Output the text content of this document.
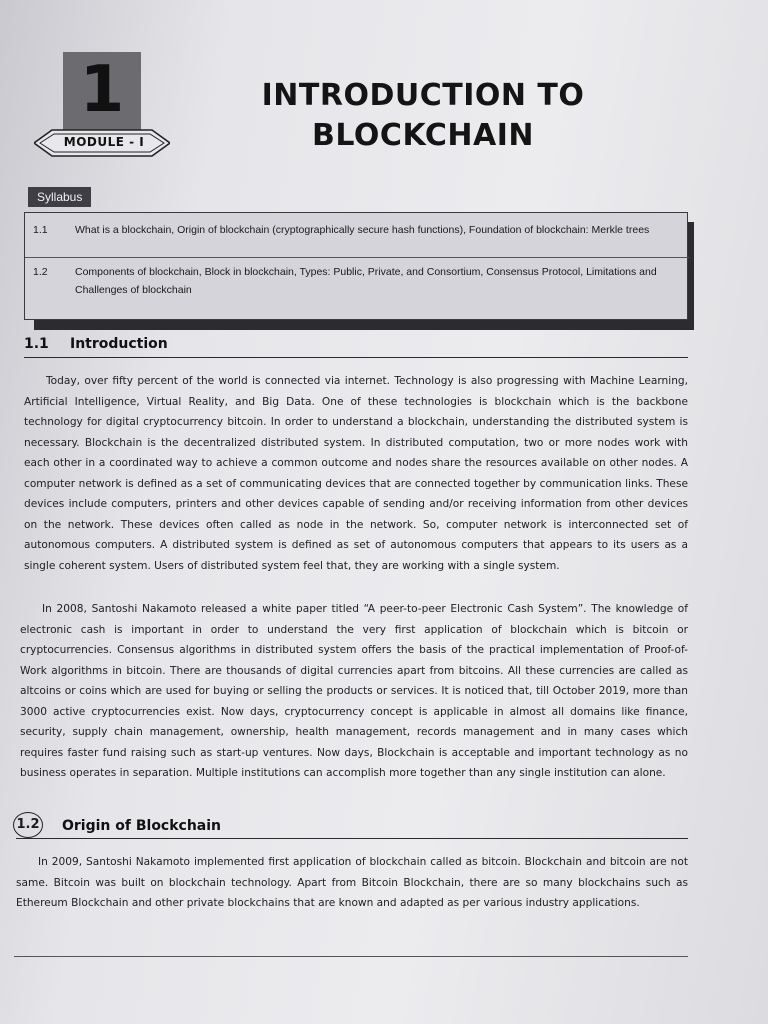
1
MODULE - I
INTRODUCTION TO
BLOCKCHAIN
Syllabus
1.1	What is a blockchain, Origin of blockchain (cryptographically secure hash functions), Foundation of blockchain: Merkle trees
1.2	Components of blockchain, Block in blockchain, Types: Public, Private, and Consortium, Consensus Protocol, Limitations and Challenges of blockchain
1.1 Introduction
Today, over fifty percent of the world is connected via internet. Technology is also progressing with Machine Learning, Artificial Intelligence, Virtual Reality, and Big Data. One of these technologies is blockchain which is the backbone technology for digital cryptocurrency bitcoin. In order to understand a blockchain, understanding the distributed system is necessary. Blockchain is the decentralized distributed system. In distributed computation, two or more nodes work with each other in a coordinated way to achieve a common outcome and nodes share the resources available on other nodes. A computer network is defined as a set of communicating devices that are connected together by communication links. These devices include computers, printers and other devices capable of sending and/or receiving information from other devices on the network. These devices often called as node in the network. So, computer network is interconnected set of autonomous computers. A distributed system is defined as set of autonomous computers that appears to its users as a single coherent system. Users of distributed system feel that, they are working with a single system.
In 2008, Santoshi Nakamoto released a white paper titled “A peer-to-peer Electronic Cash System”. The knowledge of electronic cash is important in order to understand the very first application of blockchain which is bitcoin or cryptocurrencies. Consensus algorithms in distributed system offers the basis of the practical implementation of Proof-of-Work algorithms in bitcoin. There are thousands of digital currencies apart from bitcoins. All these currencies are called as altcoins or coins which are used for buying or selling the products or services. It is noticed that, till October 2019, more than 3000 active cryptocurrencies exist. Now days, cryptocurrency concept is applicable in almost all domains like finance, security, supply chain management, ownership, health management, records management and in many cases which requires faster fund raising such as start-up ventures. Now days, Blockchain is acceptable and important technology as no business operates in separation. Multiple institutions can accomplish more together than any single institution can alone.
1.2 Origin of Blockchain
In 2009, Santoshi Nakamoto implemented first application of blockchain called as bitcoin. Blockchain and bitcoin are not same. Bitcoin was built on blockchain technology. Apart from Bitcoin Blockchain, there are so many blockchains such as Ethereum Blockchain and other private blockchains that are known and adapted as per various industry applications.
